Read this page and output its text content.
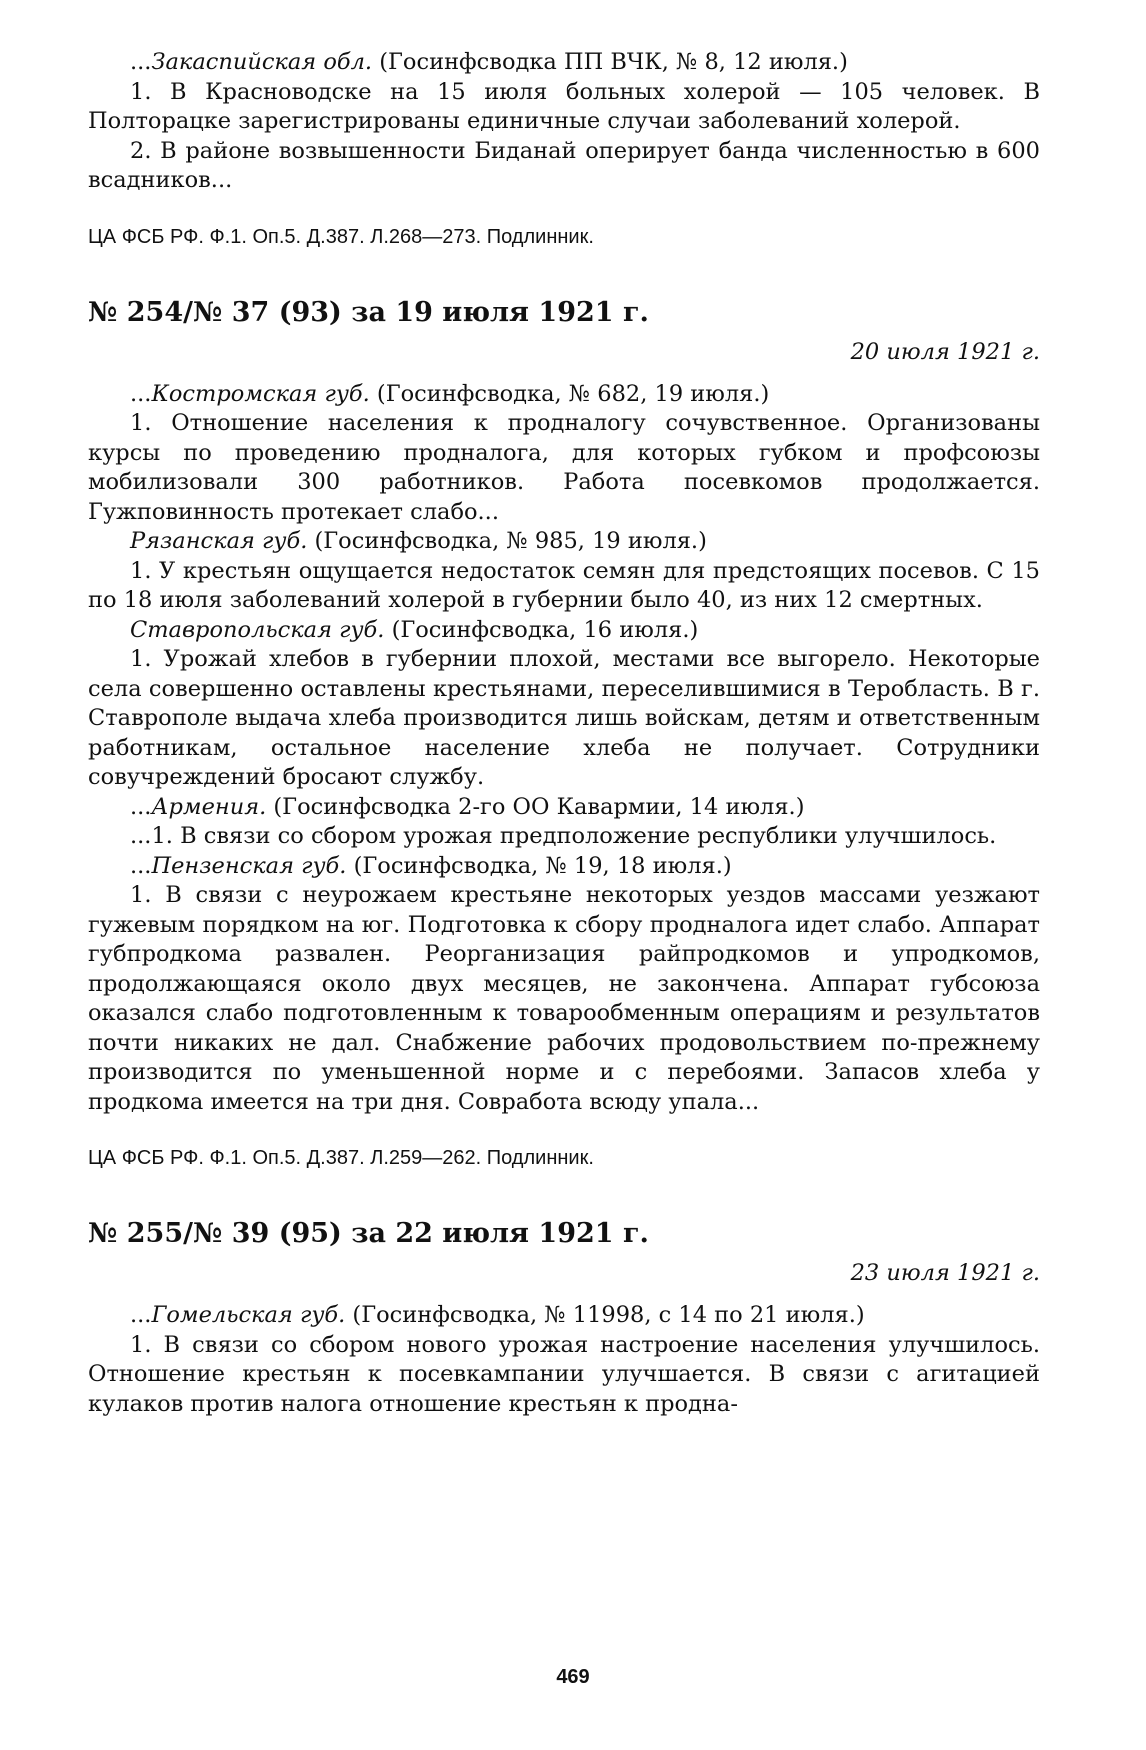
...Закаспийская обл. (Госинфсводка ПП ВЧК, № 8, 12 июля.)

1. В Красноводске на 15 июля больных холерой — 105 человек. В Полторацке зарегистрированы единичные случаи заболеваний холерой.

2. В районе возвышенности Биданай оперирует банда численностью в 600 всадников...

ЦА ФСБ РФ. Ф.1. Оп.5. Д.387. Л.268—273. Подлинник.

№ 254/№ 37 (93) за 19 июля 1921 г.

20 июля 1921 г.

...Костромская губ. (Госинфсводка, № 682, 19 июля.)

1. Отношение населения к продналогу сочувственное. Организованы курсы по проведению продналога, для которых губком и профсоюзы мобилизовали 300 работников. Работа посевкомов продолжается. Гужповинность протекает слабо...

Рязанская губ. (Госинфсводка, № 985, 19 июля.)

1. У крестьян ощущается недостаток семян для предстоящих посевов. С 15 по 18 июля заболеваний холерой в губернии было 40, из них 12 смертных.

Ставропольская губ. (Госинфсводка, 16 июля.)

1. Урожай хлебов в губернии плохой, местами все выгорело. Некоторые села совершенно оставлены крестьянами, переселившимися в Теробласть. В г. Ставрополе выдача хлеба производится лишь войскам, детям и ответственным работникам, остальное население хлеба не получает. Сотрудники совучреждений бросают службу.

...Армения. (Госинфсводка 2-го ОО Кавармии, 14 июля.)

...1. В связи со сбором урожая предположение республики улучшилось.

...Пензенская губ. (Госинфсводка, № 19, 18 июля.)

1. В связи с неурожаем крестьяне некоторых уездов массами уезжают гужевым порядком на юг. Подготовка к сбору продналога идет слабо. Аппарат губпродкома развален. Реорганизация райпродкомов и упродкомов, продолжающаяся около двух месяцев, не закончена. Аппарат губсоюза оказался слабо подготовленным к товарообменным операциям и результатов почти никаких не дал. Снабжение рабочих продовольствием по-прежнему производится по уменьшенной норме и с перебоями. Запасов хлеба у продкома имеется на три дня. Совработа всюду упала...

ЦА ФСБ РФ. Ф.1. Оп.5. Д.387. Л.259—262. Подлинник.

№ 255/№ 39 (95) за 22 июля 1921 г.

23 июля 1921 г.

...Гомельская губ. (Госинфсводка, № 11998, с 14 по 21 июля.)

1. В связи со сбором нового урожая настроение населения улучшилось. Отношение крестьян к посевкампании улучшается. В связи с агитацией кулаков против налога отношение крестьян к продна-

469
